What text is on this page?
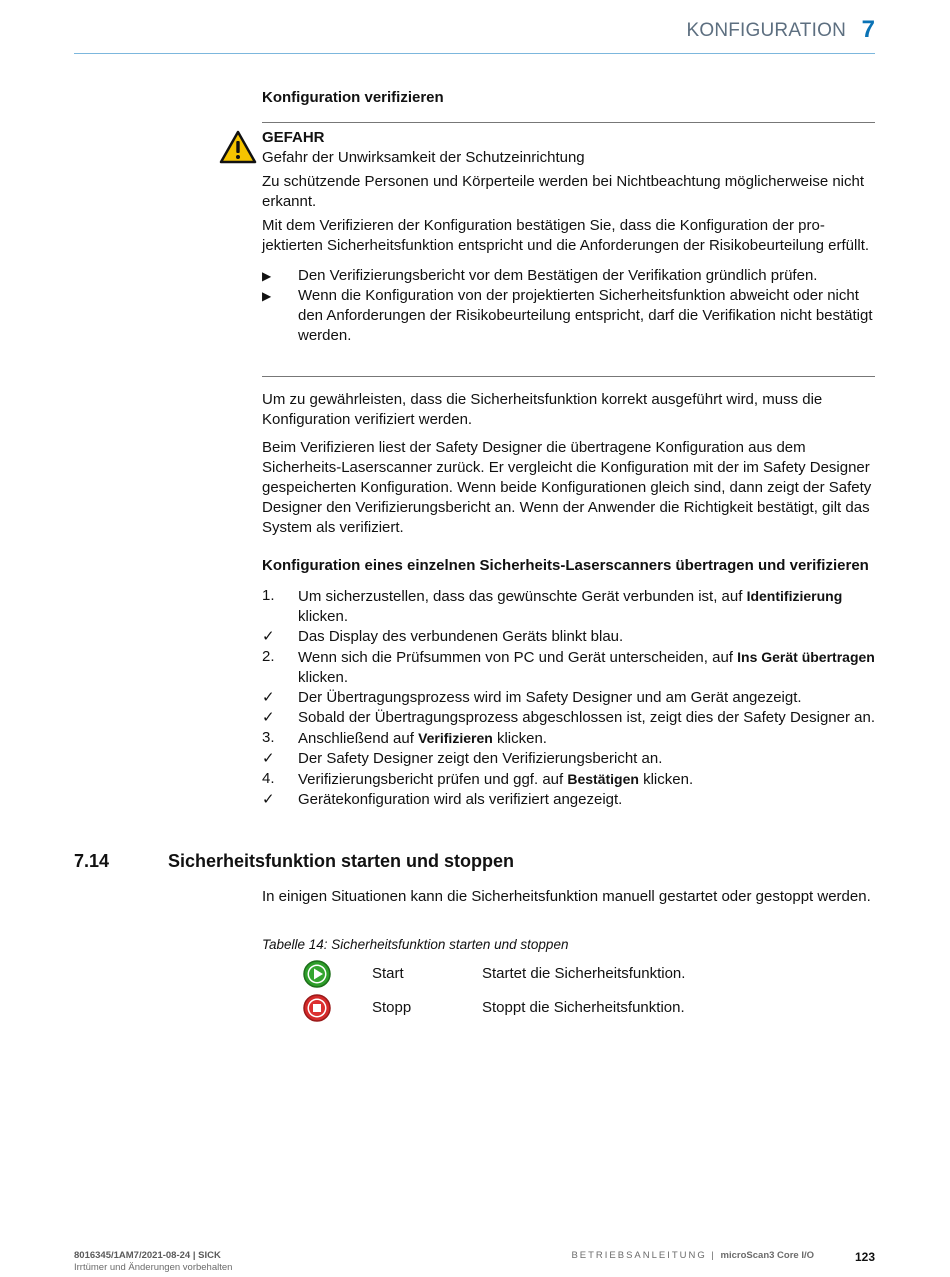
KONFIGURATION 7
Konfiguration verifizieren
GEFAHR
Gefahr der Unwirksamkeit der Schutzeinrichtung

Zu schützende Personen und Körperteile werden bei Nichtbeachtung möglicherweise nicht erkannt.

Mit dem Verifizieren der Konfiguration bestätigen Sie, dass die Konfiguration der projektierten Sicherheitsfunktion entspricht und die Anforderungen der Risikobeurteilung erfüllt.

▶ Den Verifizierungsbericht vor dem Bestätigen der Verifikation gründlich prüfen.
▶ Wenn die Konfiguration von der projektierten Sicherheitsfunktion abweicht oder nicht den Anforderungen der Risikobeurteilung entspricht, darf die Verifikation nicht bestätigt werden.

Um zu gewährleisten, dass die Sicherheitsfunktion korrekt ausgeführt wird, muss die Konfiguration verifiziert werden.

Beim Verifizieren liest der Safety Designer die übertragene Konfiguration aus dem Sicherheits-Laserscanner zurück. Er vergleicht die Konfiguration mit der im Safety Designer gespeicherten Konfiguration. Wenn beide Konfigurationen gleich sind, dann zeigt der Safety Designer den Verifizierungsbericht an. Wenn der Anwender die Richtigkeit bestätigt, gilt das System als verifiziert.

Konfiguration eines einzelnen Sicherheits-Laserscanners übertragen und verifizieren
1. Um sicherzustellen, dass das gewünschte Gerät verbunden ist, auf Identifizierung klicken.
✓ Das Display des verbundenen Geräts blinkt blau.
2. Wenn sich die Prüfsummen von PC und Gerät unterscheiden, auf Ins Gerät übertragen klicken.
✓ Der Übertragungsprozess wird im Safety Designer und am Gerät angezeigt.
✓ Sobald der Übertragungsprozess abgeschlossen ist, zeigt dies der Safety Designer an.
3. Anschließend auf Verifizieren klicken.
✓ Der Safety Designer zeigt den Verifizierungsbericht an.
4. Verifizierungsbericht prüfen und ggf. auf Bestätigen klicken.
✓ Gerätekonfiguration wird als verifiziert angezeigt.
7.14	Sicherheitsfunktion starten und stoppen
In einigen Situationen kann die Sicherheitsfunktion manuell gestartet oder gestoppt werden.
Tabelle 14: Sicherheitsfunktion starten und stoppen
Start	Startet die Sicherheitsfunktion.
Stopp	Stoppt die Sicherheitsfunktion.
8016345/1AM7/2021-08-24 | SICK
Irrtümer und Änderungen vorbehalten
BETRIEBSANLEITUNG | microScan3 Core I/O	123
